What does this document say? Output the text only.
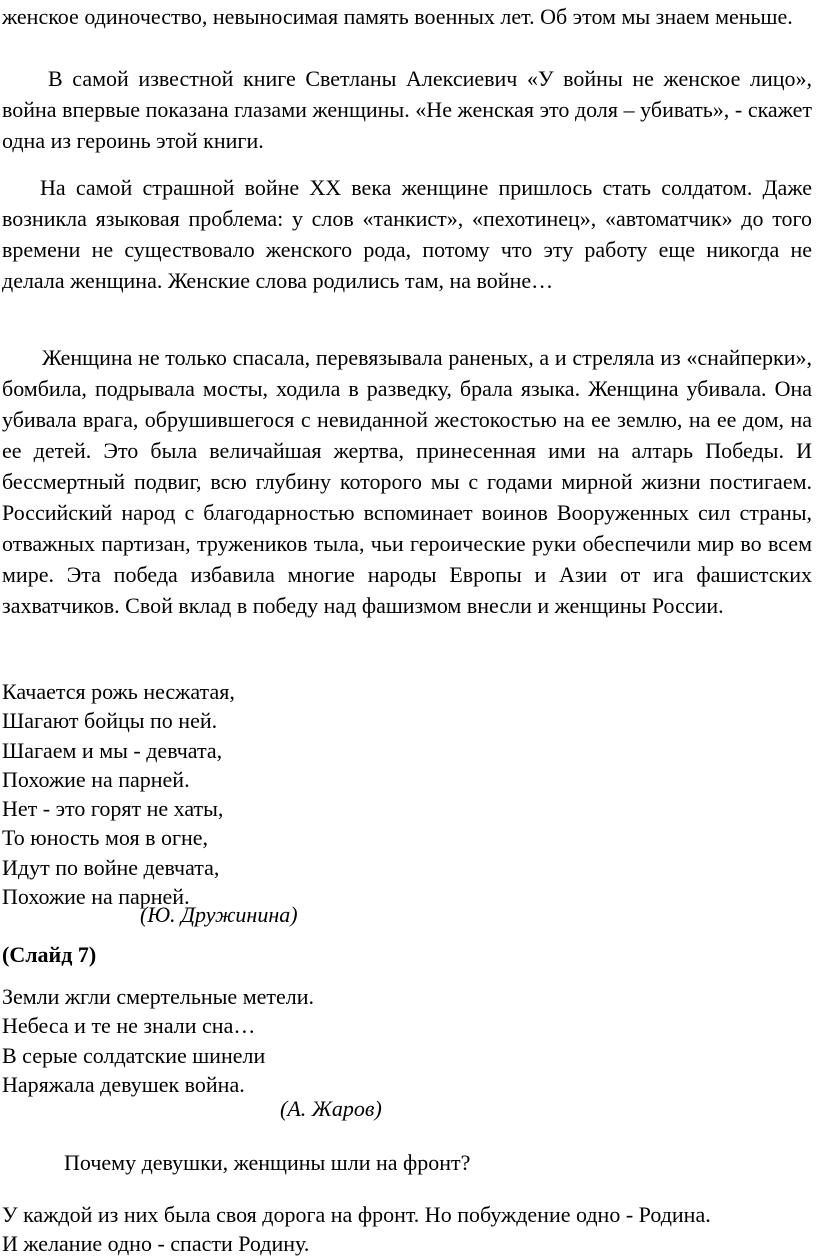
женское одиночество, невыносимая память военных лет. Об этом мы знаем меньше.

В самой известной книге Светланы Алексиевич «У войны не женское лицо», война впервые показана глазами женщины. «Не женская это доля – убивать», - скажет одна из героинь этой книги.

На самой страшной войне XX века женщине пришлось стать солдатом. Даже возникла языковая проблема: у слов «танкист», «пехотинец», «автоматчик» до того времени не существовало женского рода, потому что эту работу еще никогда не делала женщина. Женские слова родились там, на войне…

Женщина не только спасала, перевязывала раненых, а и стреляла из «снайперки», бомбила, подрывала мосты, ходила в разведку, брала языка. Женщина убивала. Она убивала врага, обрушившегося с невиданной жестокостью на ее землю, на ее дом, на ее детей. Это была величайшая жертва, принесенная ими на алтарь Победы. И бессмертный подвиг, всю глубину которого мы с годами мирной жизни постигаем. Российский народ с благодарностью вспоминает воинов Вооруженных сил страны, отважных партизан, тружеников тыла, чьи героические руки обеспечили мир во всем мире. Эта победа избавила многие народы Европы и Азии от ига фашистских захватчиков. Свой вклад в победу над фашизмом внесли и женщины России.

Качается рожь несжатая,
Шагают бойцы по ней.
Шагаем и мы - девчата,
Похожие на парней.
Нет - это горят не хаты,
То юность моя в огне,
Идут по войне девчата,
Похожие на парней.
(Ю. Дружинина)
(Слайд 7)
Земли жгли смертельные метели.
Небеса и те не знали сна…
В серые солдатские шинели
Наряжала девушек война.
(А. Жаров)
Почему девушки, женщины шли на фронт?

У каждой из них была своя дорога на фронт. Но побуждение одно - Родина.
И желание одно - спасти Родину.
